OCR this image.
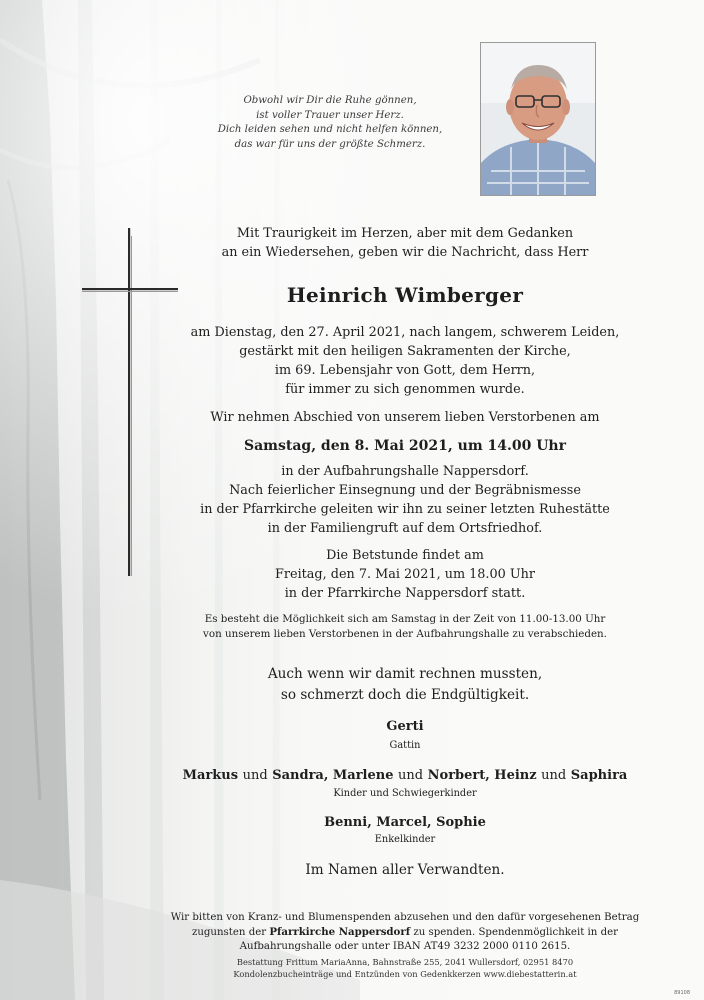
Obwohl wir Dir die Ruhe gönnen,
ist voller Trauer unser Herz.
Dich leiden sehen und nicht helfen können,
das war für uns der größte Schmerz.
Mit Traurigkeit im Herzen, aber mit dem Gedanken
an ein Wiedersehen, geben wir die Nachricht, dass Herr
Heinrich Wimberger
am Dienstag, den 27. April 2021, nach langem, schwerem Leiden,
gestärkt mit den heiligen Sakramenten der Kirche,
im 69. Lebensjahr von Gott, dem Herrn,
für immer zu sich genommen wurde.
Wir nehmen Abschied von unserem lieben Verstorbenen am
Samstag, den 8. Mai 2021, um 14.00 Uhr
in der Aufbahrungshalle Nappersdorf.
Nach feierlicher Einsegnung und der Begräbnismesse
in der Pfarrkirche geleiten wir ihn zu seiner letzten Ruhestätte
in der Familiengruft auf dem Ortsfriedhof.
Die Betstunde findet am
Freitag, den 7. Mai 2021, um 18.00 Uhr
in der Pfarrkirche Nappersdorf statt.
Es besteht die Möglichkeit sich am Samstag in der Zeit von 11.00-13.00 Uhr
von unserem lieben Verstorbenen in der Aufbahrungshalle zu verabschieden.
Auch wenn wir damit rechnen mussten,
so schmerzt doch die Endgültigkeit.
Gerti
Gattin
Markus und Sandra, Marlene und Norbert, Heinz und Saphira
Kinder und Schwiegerkinder
Benni, Marcel, Sophie
Enkelkinder
Im Namen aller Verwandten.
Wir bitten von Kranz- und Blumenspenden abzusehen und den dafür vorgesehenen Betrag
zugunsten der Pfarrkirche Nappersdorf zu spenden. Spendenmöglichkeit in der
Aufbahrungshalle oder unter IBAN AT49 3232 2000 0110 2615.
Bestattung Frittum MariaAnna, Bahnstraße 255, 2041 Wullersdorf, 02951 8470
Kondolenzbucheinträge und Entzünden von Gedenkkerzen www.diebestatterin.at
89108
